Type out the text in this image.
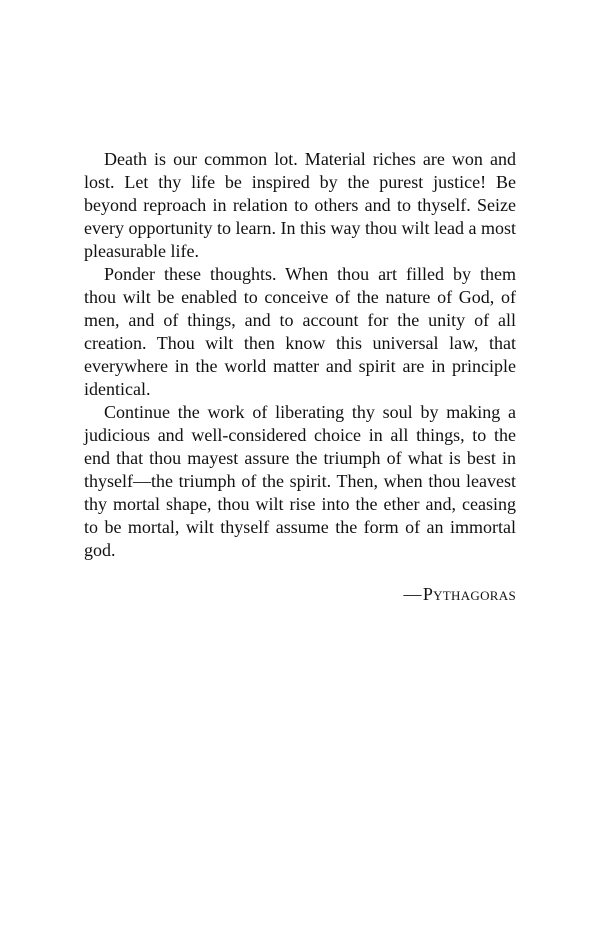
Death is our common lot. Material riches are won and lost. Let thy life be inspired by the purest justice! Be beyond reproach in relation to others and to thyself. Seize every opportunity to learn. In this way thou wilt lead a most pleasurable life.

Ponder these thoughts. When thou art filled by them thou wilt be enabled to conceive of the nature of God, of men, and of things, and to account for the unity of all creation. Thou wilt then know this universal law, that everywhere in the world matter and spirit are in principle identical.

Continue the work of liberating thy soul by making a judicious and well-considered choice in all things, to the end that thou mayest assure the triumph of what is best in thyself—the triumph of the spirit. Then, when thou leavest thy mortal shape, thou wilt rise into the ether and, ceasing to be mortal, wilt thyself assume the form of an immortal god.

—Pythagoras
